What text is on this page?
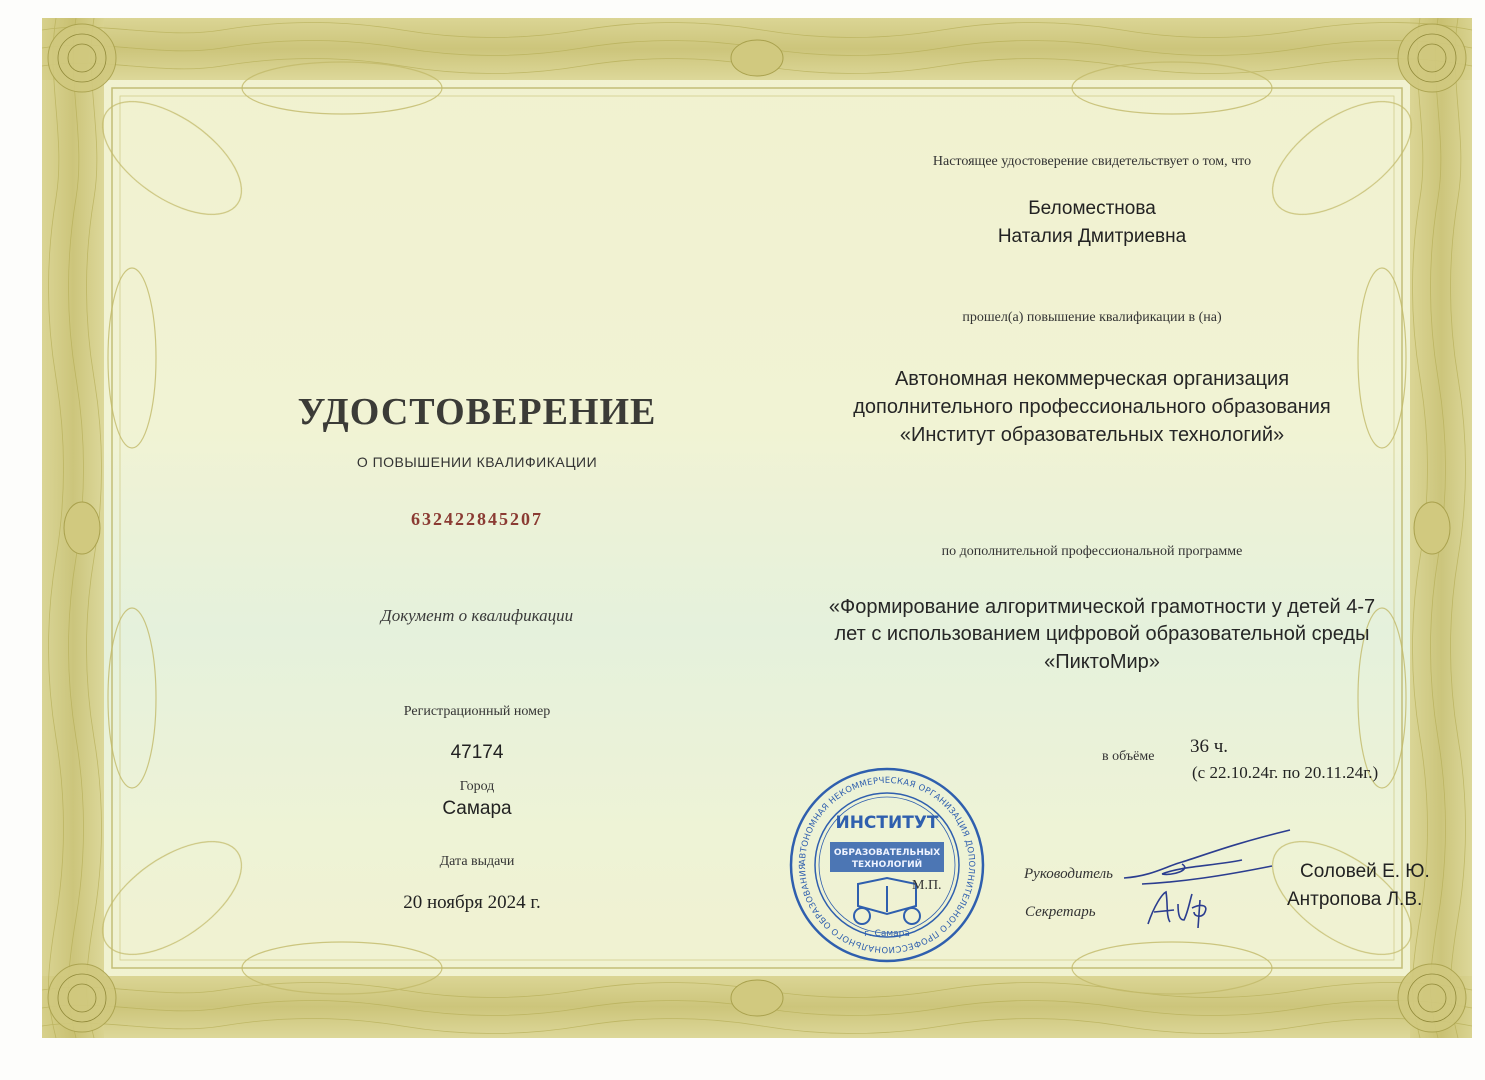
УДОСТОВЕРЕНИЕ
О ПОВЫШЕНИИ КВАЛИФИКАЦИИ
632422845207
Документ о квалификации
Регистрационный номер
47174
Город
Самара
Дата выдачи
20 ноября 2024 г.
Настоящее удостоверение свидетельствует о том, что
Беломестнова
Наталия Дмитриевна
прошел(а) повышение квалификации в (на)
Автономная некоммерческая организация
дополнительного профессионального образования
«Институт образовательных технологий»
по дополнительной профессиональной программе
«Формирование алгоритмической грамотности у детей 4-7
лет с использованием цифровой образовательной среды
«ПиктоМир»
в объёме 36 ч.
(с 22.10.24г. по 20.11.24г.)
АВТОНОМНАЯ НЕКОММЕРЧЕСКАЯ ОРГАНИЗАЦИЯ ДОПОЛНИТЕЛЬНОГО ПРОФЕССИОНАЛЬНОГО ОБРАЗОВАНИЯ
ИНСТИТУТ
ОБРАЗОВАТЕЛЬНЫХ
ТЕХНОЛОГИЙ
г. Самара
М.П.
Руководитель
Секретарь
Соловей Е. Ю.
Антропова Л.В.
